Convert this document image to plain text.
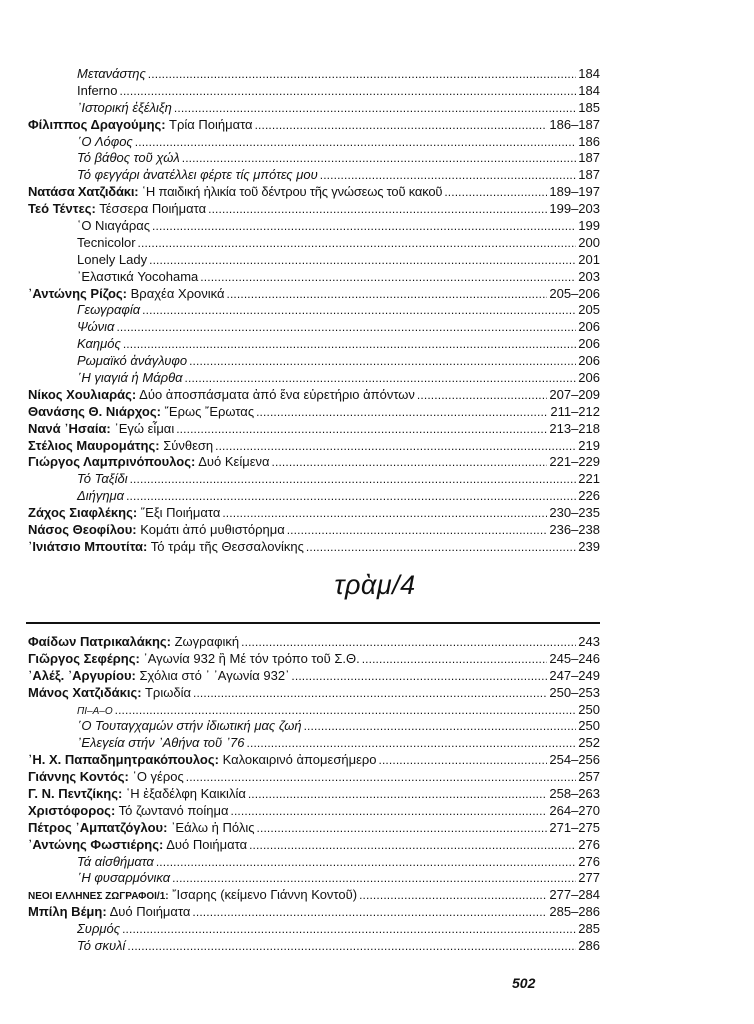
Μετανάστης . . .	184
Inferno . . .	184
᾽Ιστορική ἐξέλιξη . . .	185
Φίλιππος Δραγούμης: Τρία Ποιήματα . . .	186–187
῾Ο Λόφος . . .	186
Τό βάθος τοῦ χώλ . . .	187
Τό φεγγάρι ἀνατέλλει φέρτε τίς μπότες μου . . .	187
Νατάσα Χατζιδάκι: ῾Η παιδική ἡλικία τοῦ δέντρου τῆς γνώσεως τοῦ κακοῦ . . .	189–197
Τεό Τέντες: Τέσσερα Ποιήματα . . .	199–203
῾Ο Νιαγάρας . . .	199
Tecnicolor . . .	200
Lonely Lady . . .	201
᾽Ελαστικά Yocohama . . .	203
᾽Αντώνης Ρίζος: Βραχέα Χρονικά . . .	205–206
Γεωγραφία . . .	205
Ψώνια . . .	206
Καημός . . .	206
Ρωμαϊκό ἀνάγλυφο . . .	206
῾Η γιαγιά ἡ Μάρθα . . .	206
Νίκος Χουλιαράς: Δύο ἀποσπάσματα ἀπό ἕνα εὑρετήριο ἀπόντων . . .	207–209
Θανάσης Θ. Νιάρχος: ῎Ερως ῎Ερωτας . . .	211–212
Νανά ᾽Ησαία: ᾽Εγώ εἶμαι . . .	213–218
Στέλιος Μαυρομάτης: Σύνθεση . . .	219
Γιώργος Λαμπρινόπουλος: Δυό Κείμενα . . .	221–229
Τό Ταξίδι . . .	221
Διήγημα . . .	226
Ζάχος Σιαφλέκης: ῞Εξι Ποιήματα . . .	230–235
Νάσος Θεοφίλου: Κομάτι ἀπό μυθιστόρημα . . .	236–238
᾽Ινιάτσιο Μπουτίτα: Τό τράμ τῆς Θεσσαλονίκης . . .	239
τρὰμ/4
Φαίδων Πατρικαλάκης: Ζωγραφική . . .	243
Γιῶργος Σεφέρης: ᾽Αγωνία 932 ἢ Μέ τόν τρόπο τοῦ Σ.Θ. . . .	245–246
᾽Αλέξ. ᾽Αργυρίου: Σχόλια στό ᾽ ᾽Αγωνία 932᾽ . . .	247–249
Μάνος Χατζιδάκις: Τριωδία . . .	250–253
ΠΙ–Α–Ο . . .	250
῾Ο Τουταγχαμών στήν ἰδιωτική μας ζωή . . .	250
᾽Ελεγεία στήν ᾽Αθήνα τοῦ ᾽76 . . .	252
᾽Η. Χ. Παπαδημητρακόπουλος: Καλοκαιρινό ἀπομεσήμερο . . .	254–256
Γιάννης Κοντός: ῾Ο γέρος . . .	257
Γ. Ν. Πεντζίκης: ῾Η ἐξαδέλφη Καικιλία . . .	258–263
Χριστόφορος: Τό ζωντανό ποίημα . . .	264–270
Πέτρος ᾽Αμπατζόγλου: ᾽Εάλω ἡ Πόλις . . .	271–275
᾽Αντώνης Φωστιέρης: Δυό Ποιήματα . . .	276
Τά αἰσθήματα . . .	276
῾Η φυσαρμόνικα . . .	277
ΝΕΟΙ ΕΛΛΗΝΕΣ ΖΩΓΡΑΦΟΙ/1: ῎Ισαρης (κείμενο Γιάννη Κοντοῦ) . . .	277–284
Μπίλη Βέμη: Δυό Ποιήματα . . .	285–286
Συρμός . . .	285
Τό σκυλί . . .	286
502
